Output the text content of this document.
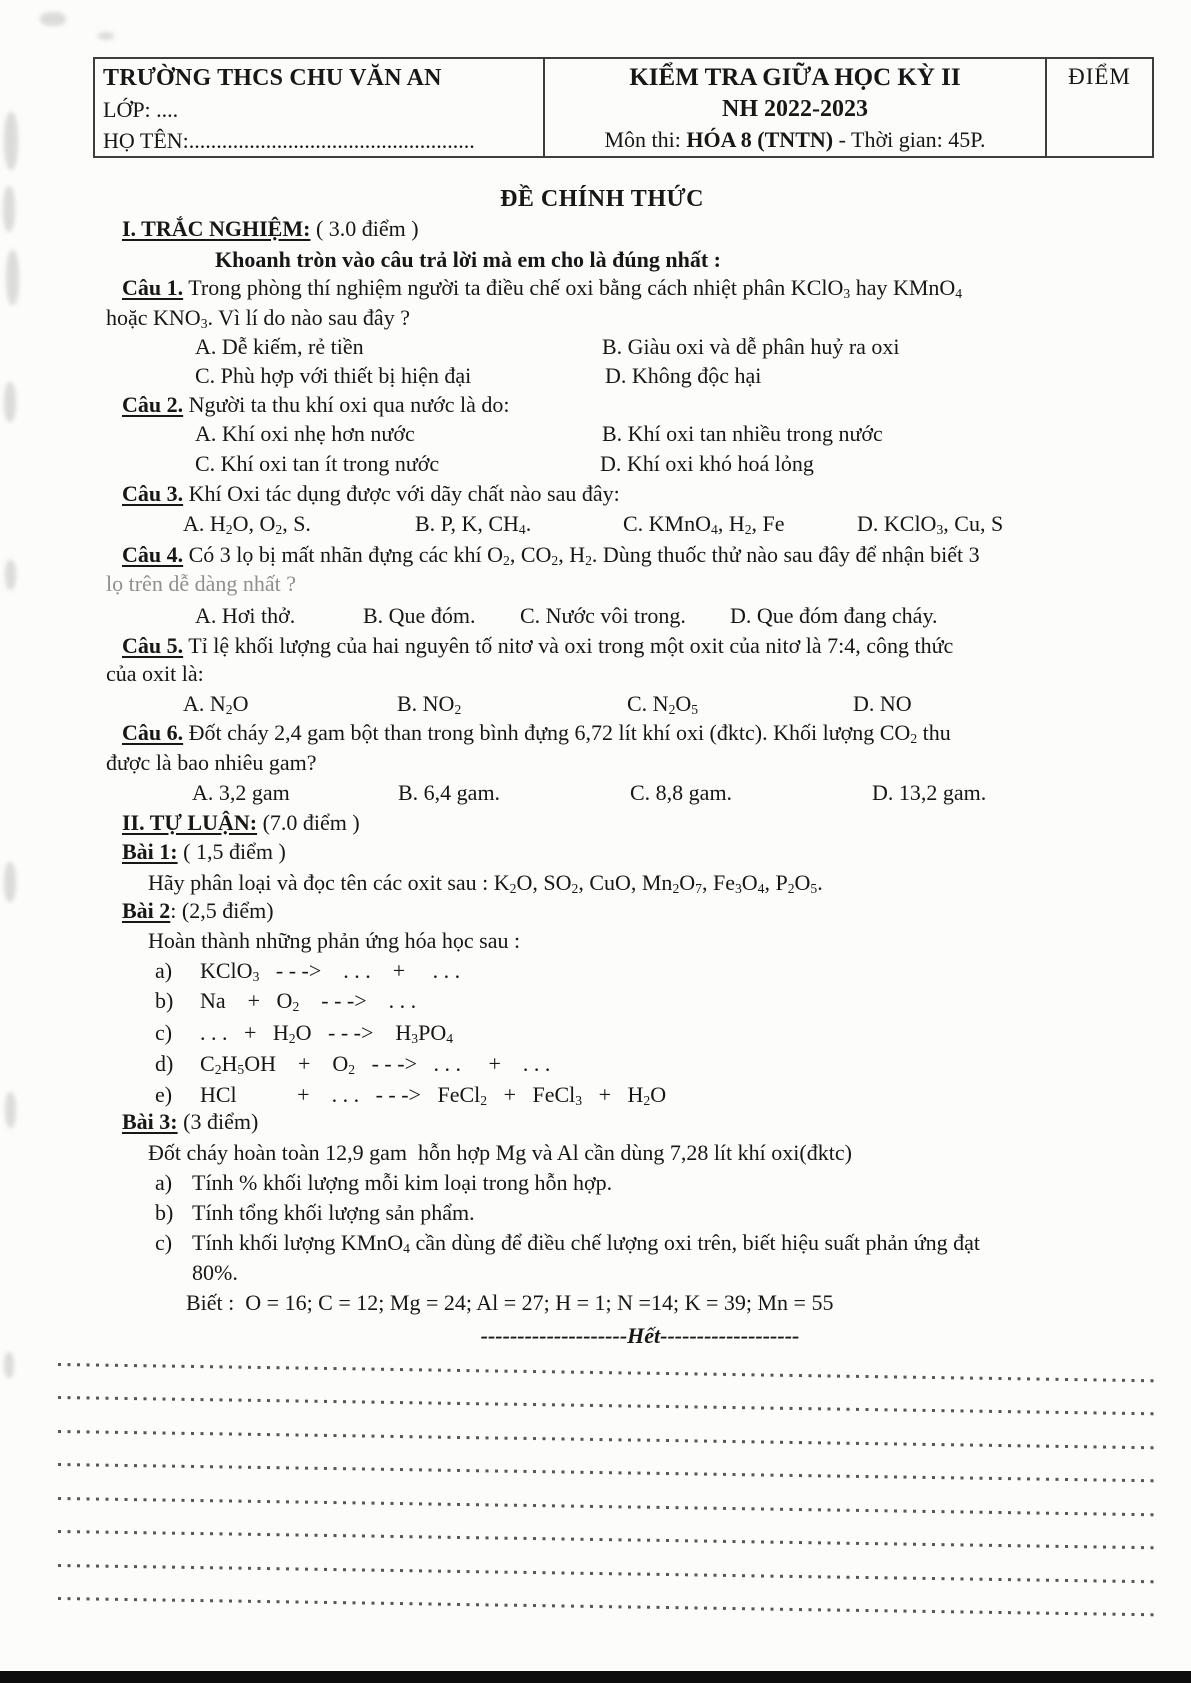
TRƯỜNG THCS CHU VĂN AN
LỚP: ....
HỌ TÊN:....................................................
KIỂM TRA GIỮA HỌC KỲ II
NH 2022-2023
Môn thi: HÓA 8 (TNTN) - Thời gian: 45P.
ĐIỂM
ĐỀ CHÍNH THỨC
I. TRẮC NGHIỆM: ( 3.0 điểm )
Khoanh tròn vào câu trả lời mà em cho là đúng nhất :
Câu 1. Trong phòng thí nghiệm người ta điều chế oxi bằng cách nhiệt phân KClO$_3$ hay KMnO$_4$
hoặc $KNO_3$. Vì lí do nào sau đây ?

A. Dễ kiếm, rẻ tiền

	B. Giàu oxi và dễ phân huỷ ra oxi

C. Phù hợp với thiết bị hiện đại

	D. Không độc hại

Câu 2. Người ta thu khí oxi qua nước là do:

A. Khí oxi nhẹ hơn nước

	B. Khí oxi tan nhiều trong nước

C. Khí oxi tan ít trong nước

	D. Khí oxi khó hoá lỏng

Câu 3. Khí Oxi tác dụng được với dãy chất nào sau đây:

A. $H_2O$, $O_2$, S.

	B. P, K, $CH_4$.

	C. KMnO$_4$, $H_2$, Fe

	D. KClO$_3$, Cu, S

Câu 4. Có 3 lọ bị mất nhãn đựng các khí $O_2$, $CO_2$, $H_2$. Dùng thuốc thử nào sau đây để nhận biết 3
lọ trên dễ dàng nhất ?

A. Hơi thở.

	B. Que đóm.

C. Nước vôi trong.

D. Que đóm đang cháy.

Câu 5. Tỉ lệ khối lượng của hai nguyên tố nitơ và oxi trong một oxit của nitơ là 7:4, công thức
của oxit là:

A. $N_2O$

	B. $NO_2$

	C. $N_2O_5$

	D. NO

Câu 6. Đốt cháy 2,4 gam bột than trong bình đựng 6,72 lít khí oxi (đktc). Khối lượng $CO_2$ thu
được là bao nhiêu gam?

A. 3,2 gam

	B. 6,4 gam.

	C. 8,8 gam.

	D. 13,2 gam.

II. TỰ LUẬN: (7.0 điểm )
Bài 1: ( 1,5 điểm )
Hãy phân loại và đọc tên các oxit sau : $K_2O$, $SO_2$, CuO, $Mn_2O_7$, $Fe_3O_4$, $P_2O_5$.
Bài 2: (2,5 điểm)
Hoàn thành những phản ứng hóa học sau :

a)

KClO$_3$   - - ->    . . .    +     . . .

b)

Na    +   $O_2$    - - ->    . . .

c)

. . .   +   $H_2O$   - - ->    $H_3PO_4$

d)

$C_2H_5OH$    +    $O_2$   - - ->   . . .     +    . . .

e)

HCl           +    . . .   - - ->   FeCl$_2$   +   FeCl$_3$   +   $H_2O$

Bài 3: (3 điểm)
Đốt cháy hoàn toàn 12,9 gam  hỗn hợp Mg và Al cần dùng 7,28 lít khí oxi(đktc)

a)

Tính % khối lượng mỗi kim loại trong hỗn hợp.

b)

Tính tổng khối lượng sản phẩm.

c)

Tính khối lượng KMnO$_4$ cần dùng để điều chế lượng oxi trên, biết hiệu suất phản ứng đạt

80%.
Biết :  O = 16; C = 12; Mg = 24; Al = 27; H = 1; N =14; K = 39; Mn = 55
--------------------Hết-------------------
